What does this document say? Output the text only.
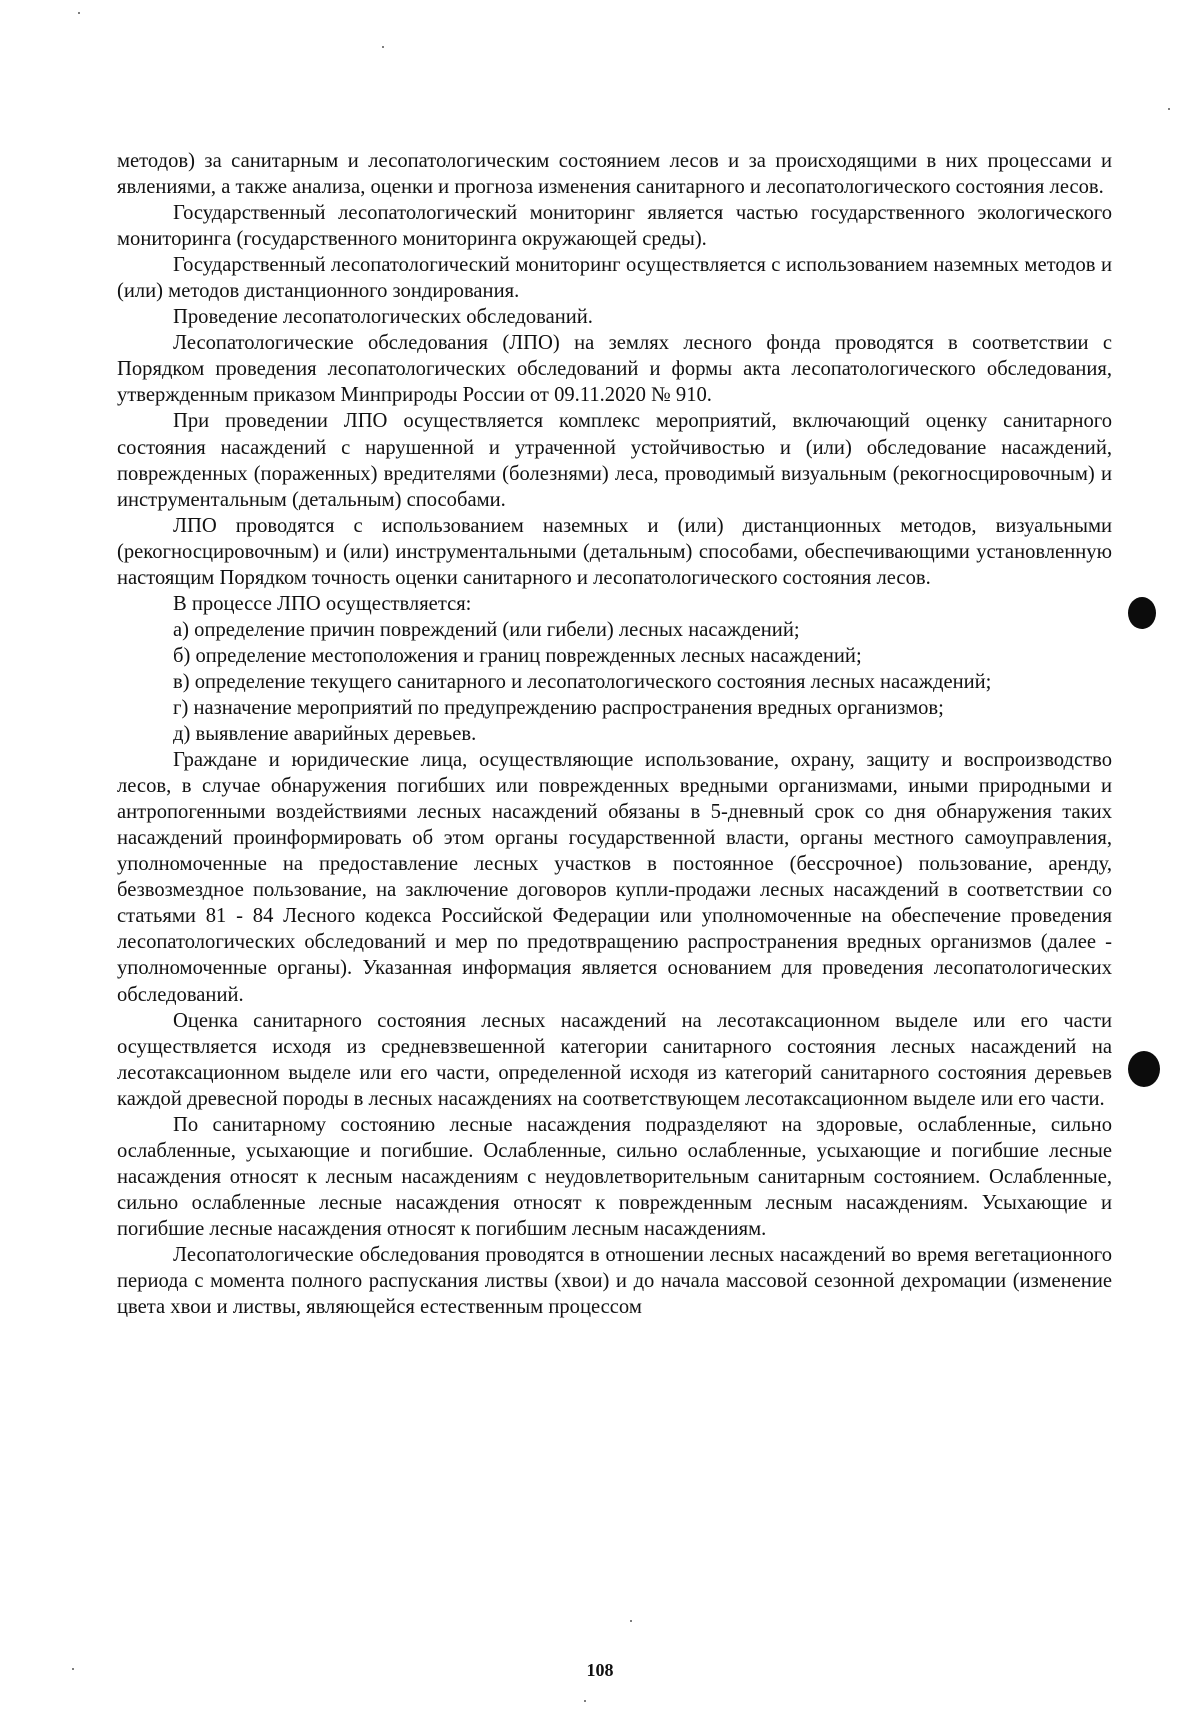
методов) за санитарным и лесопатологическим состоянием лесов и за происходящими в них процессами и явлениями, а также анализа, оценки и прогноза изменения санитарного и лесопатологического состояния лесов.

Государственный лесопатологический мониторинг является частью государственного экологического мониторинга (государственного мониторинга окружающей среды).

Государственный лесопатологический мониторинг осуществляется с использованием наземных методов и (или) методов дистанционного зондирования.

Проведение лесопатологических обследований.

Лесопатологические обследования (ЛПО) на землях лесного фонда проводятся в соответствии с Порядком проведения лесопатологических обследований и формы акта лесопатологического обследования, утвержденным приказом Минприроды России от 09.11.2020 № 910.

При проведении ЛПО осуществляется комплекс мероприятий, включающий оценку санитарного состояния насаждений с нарушенной и утраченной устойчивостью и (или) обследование насаждений, поврежденных (пораженных) вредителями (болезнями) леса, проводимый визуальным (рекогносцировочным) и инструментальным (детальным) способами.

ЛПО проводятся с использованием наземных и (или) дистанционных методов, визуальными (рекогносцировочным) и (или) инструментальными (детальным) способами, обеспечивающими установленную настоящим Порядком точность оценки санитарного и лесопатологического состояния лесов.

В процессе ЛПО осуществляется:

а) определение причин повреждений (или гибели) лесных насаждений;

б) определение местоположения и границ поврежденных лесных насаждений;

в) определение текущего санитарного и лесопатологического состояния лесных насаждений;

г) назначение мероприятий по предупреждению распространения вредных организмов;

д) выявление аварийных деревьев.

Граждане и юридические лица, осуществляющие использование, охрану, защиту и воспроизводство лесов, в случае обнаружения погибших или поврежденных вредными организмами, иными природными и антропогенными воздействиями лесных насаждений обязаны в 5-дневный срок со дня обнаружения таких насаждений проинформировать об этом органы государственной власти, органы местного самоуправления, уполномоченные на предоставление лесных участков в постоянное (бессрочное) пользование, аренду, безвозмездное пользование, на заключение договоров купли-продажи лесных насаждений в соответствии со статьями 81 - 84 Лесного кодекса Российской Федерации или уполномоченные на обеспечение проведения лесопатологических обследований и мер по предотвращению распространения вредных организмов (далее - уполномоченные органы). Указанная информация является основанием для проведения лесопатологических обследований.

Оценка санитарного состояния лесных насаждений на лесотаксационном выделе или его части осуществляется исходя из средневзвешенной категории санитарного состояния лесных насаждений на лесотаксационном выделе или его части, определенной исходя из категорий санитарного состояния деревьев каждой древесной породы в лесных насаждениях на соответствующем лесотаксационном выделе или его части.

По санитарному состоянию лесные насаждения подразделяют на здоровые, ослабленные, сильно ослабленные, усыхающие и погибшие. Ослабленные, сильно ослабленные, усыхающие и погибшие лесные насаждения относят к лесным насаждениям с неудовлетворительным санитарным состоянием. Ослабленные, сильно ослабленные лесные насаждения относят к поврежденным лесным насаждениям. Усыхающие и погибшие лесные насаждения относят к погибшим лесным насаждениям.

Лесопатологические обследования проводятся в отношении лесных насаждений во время вегетационного периода с момента полного распускания листвы (хвои) и до начала массовой сезонной дехромации (изменение цвета хвои и листвы, являющейся естественным процессом

108
